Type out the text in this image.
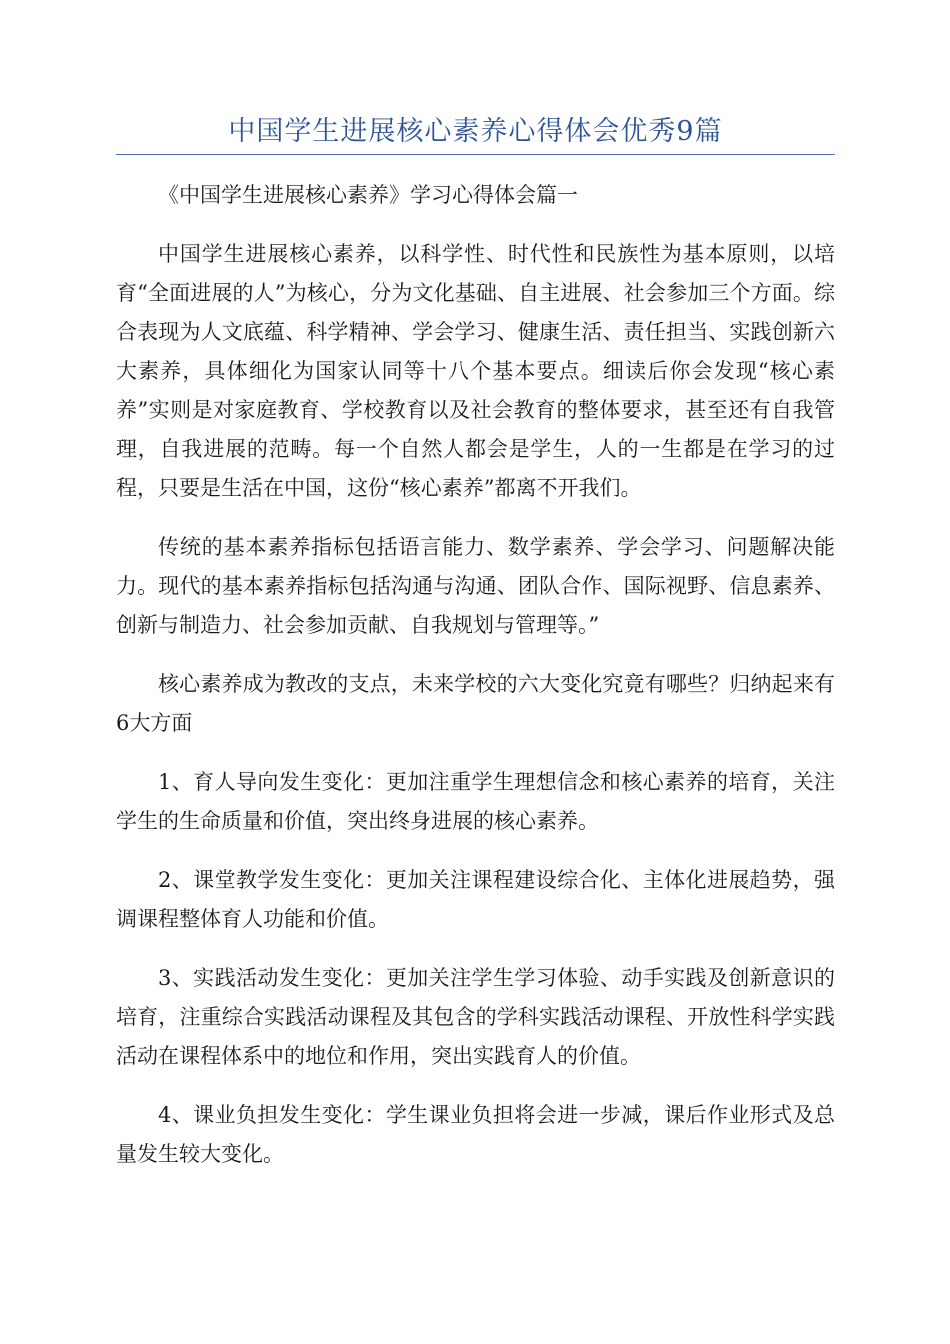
中国学生进展核心素养心得体会优秀9篇

《中国学生进展核心素养》学习心得体会篇一

中国学生进展核心素养，以科学性、时代性和民族性为基本原则，以培育“全面进展的人”为核心，分为文化基础、自主进展、社会参加三个方面。综合表现为人文底蕴、科学精神、学会学习、健康生活、责任担当、实践创新六大素养，具体细化为国家认同等十八个基本要点。细读后你会发现“核心素养”实则是对家庭教育、学校教育以及社会教育的整体要求，甚至还有自我管理，自我进展的范畴。每一个自然人都会是学生，人的一生都是在学习的过程，只要是生活在中国，这份“核心素养”都离不开我们。

传统的基本素养指标包括语言能力、数学素养、学会学习、问题解决能力。现代的基本素养指标包括沟通与沟通、团队合作、国际视野、信息素养、创新与制造力、社会参加贡献、自我规划与管理等。”

核心素养成为教改的支点，未来学校的六大变化究竟有哪些？归纳起来有6大方面

1、育人导向发生变化：更加注重学生理想信念和核心素养的培育，关注学生的生命质量和价值，突出终身进展的核心素养。

2、课堂教学发生变化：更加关注课程建设综合化、主体化进展趋势，强调课程整体育人功能和价值。

3、实践活动发生变化：更加关注学生学习体验、动手实践及创新意识的培育，注重综合实践活动课程及其包含的学科实践活动课程、开放性科学实践活动在课程体系中的地位和作用，突出实践育人的价值。

4、课业负担发生变化：学生课业负担将会进一步减，课后作业形式及总量发生较大变化。
